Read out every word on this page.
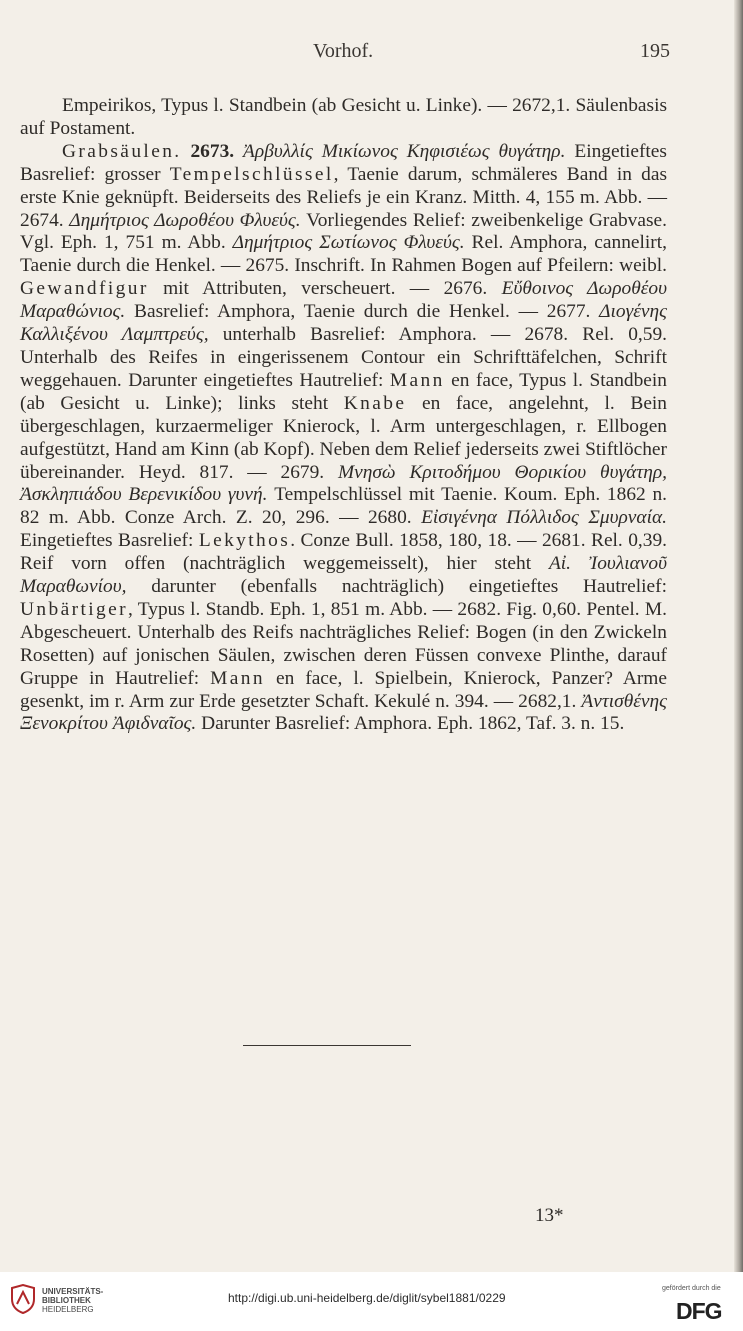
Vorhof.	195

Empeirikos, Typus l. Standbein (ab Gesicht u. Linke). — 2672,1. Säulenbasis auf Postament.

Grabsäulen. 2673. Ἀρβυλλίς Μικίωνος Κηφισιέως θυγάτηρ. Eingetieftes Basrelief: grosser Tempelschlüssel, Taenie darum, schmäleres Band in das erste Knie geknüpft. Beiderseits des Reliefs je ein Kranz. Mitth. 4, 155 m. Abb. — 2674. Δημήτριος Δωροθέου Φλυεύς. Vorliegendes Relief: zweibenkelige Grabvase. Vgl. Eph. 1, 751 m. Abb. Δημήτριος Σωτίωνος Φλυεύς. Rel. Amphora, cannelirt, Taenie durch die Henkel. — 2675. Inschrift. In Rahmen Bogen auf Pfeilern: weibl. Gewandfigur mit Attributen, verscheuert. — 2676. Εὔθοινος Δωροθέου Μαραθώνιος. Basrelief: Amphora, Taenie durch die Henkel. — 2677. Διογένης Καλλιξένου Λαμπτρεύς, unterhalb Basrelief: Amphora. — 2678. Rel. 0,59. Unterhalb des Reifes in eingerissenem Contour ein Schrifttäfelchen, Schrift weggehauen. Darunter eingetieftes Hautrelief: Mann en face, Typus l. Standbein (ab Gesicht u. Linke); links steht Knabe en face, angelehnt, l. Bein übergeschlagen, kurzaermeliger Knierock, l. Arm untergeschlagen, r. Ellbogen aufgestützt, Hand am Kinn (ab Kopf). Neben dem Relief jederseits zwei Stiftlöcher übereinander. Heyd. 817. — 2679. Μνησὼ Κριτοδήμου Θορικίου θυγάτηρ, Ἀσκληπιάδου Βερενικίδου γυνή. Tempelschlüssel mit Taenie. Koum. Eph. 1862 n. 82 m. Abb. Conze Arch. Z. 20, 296. — 2680. Εἰσιγένηα Πόλλιδος Σμυρναία. Eingetieftes Basrelief: Lekythos. Conze Bull. 1858, 180, 18. — 2681. Rel. 0,39. Reif vorn offen (nachträglich weggemeisselt), hier steht Αἰ. Ἰουλιανοῦ Μαραθωνίου, darunter (ebenfalls nachträglich) eingetieftes Hautrelief: Unbärtiger, Typus l. Standb. Eph. 1, 851 m. Abb. — 2682. Fig. 0,60. Pentel. M. Abgescheuert. Unterhalb des Reifs nachträgliches Relief: Bogen (in den Zwickeln Rosetten) auf jonischen Säulen, zwischen deren Füssen convexe Plinthe, darauf Gruppe in Hautrelief: Mann en face, l. Spielbein, Knierock, Panzer? Arme gesenkt, im r. Arm zur Erde gesetzter Schaft. Kekulé n. 394. — 2682,1. Ἀντισθένης Ξενοκρίτου Ἀφιδναῖος. Darunter Basrelief: Amphora. Eph. 1862, Taf. 3. n. 15.

13*
UNIVERSITÄTS-
BIBLIOTHEK
HEIDELBERG
http://digi.ub.uni-heidelberg.de/diglit/sybel1881/0229
gefördert durch die
DFG
